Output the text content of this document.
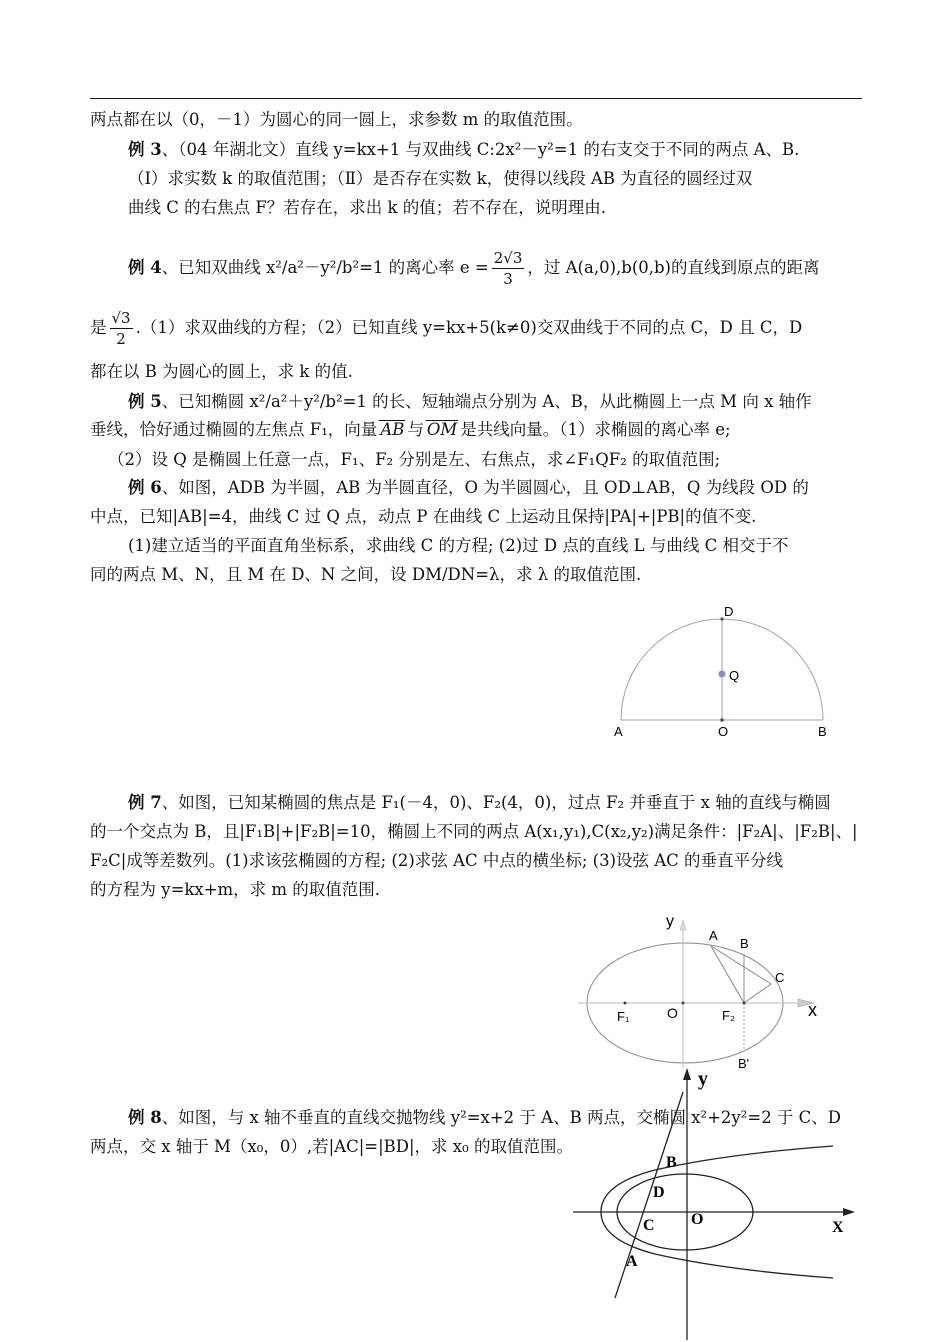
两点都在以（0，－1）为圆心的同一圆上，求参数 m 的取值范围。
例 3、（04 年湖北文）直线 y=kx+1 与双曲线 C:2x²－y²=1 的右支交于不同的两点 A、B.
（Ⅰ）求实数 k 的取值范围；（Ⅱ）是否存在实数 k，使得以线段 AB 为直径的圆经过双
曲线 C 的右焦点 F？若存在，求出 k 的值；若不存在，说明理由.
例 4、已知双曲线 x²/a²－y²/b²=1 的离心率 $e = \frac{2√3}{3}$ ，过 A(a,0),b(0,b)的直线到原点的距离
是 $\frac{√3}{2} .(1)$求双曲线的方程；（2）已知直线 y=kx+5(k≠0)交双曲线于不同的点 C，D 且 C，D
都在以 B 为圆心的圆上，求 k 的值.
例 5、已知椭圆 x²/a²＋y²/b²=1 的长、短轴端点分别为 A、B，从此椭圆上一点 M 向 x 轴作
垂线，恰好通过椭圆的左焦点 F₁，向量 AB 与 OM 是共线向量。（1）求椭圆的离心率 e;
（2）设 Q 是椭圆上任意一点，F₁、F₂ 分别是左、右焦点，求∠F₁QF₂ 的取值范围;
例 6、如图，ADB 为半圆，AB 为半圆直径，O 为半圆圆心，且 OD⊥AB，Q 为线段 OD 的
中点，已知|AB|=4，曲线 C 过 Q 点，动点 P 在曲线 C 上运动且保持|PA|+|PB|的值不变.
(1)建立适当的平面直角坐标系，求曲线 C 的方程; (2)过 D 点的直线 L 与曲线 C 相交于不
同的两点 M、N，且 M 在 D、N 之间，设 DM/DN=λ，求 λ 的取值范围.
D
Q
A	O	B
例 7、如图，已知某椭圆的焦点是 F₁(－4，0)、F₂(4，0)，过点 F₂ 并垂直于 x 轴的直线与椭圆
的一个交点为 B，且|F₁B|+|F₂B|=10，椭圆上不同的两点 A(x₁,y₁),C(x₂,y₂)满足条件：|F₂A|、|F₂B|、|
F₂C|成等差数列。(1)求该弦椭圆的方程; (2)求弦 AC 中点的横坐标; (3)设弦 AC 的垂直平分线
的方程为 y=kx+m，求 m 的取值范围.
y
A
B
C
F₁	O	F₂	x
B'
例 8、如图，与 x 轴不垂直的直线交抛物线 y²=x+2 于 A、B 两点，交椭圆 x²+2y²=2 于 C、D
两点，交 x 轴于 M（x₀，0）,若|AC|=|BD|，求 x₀ 的取值范围。
y
B
D
O
C	X
A
